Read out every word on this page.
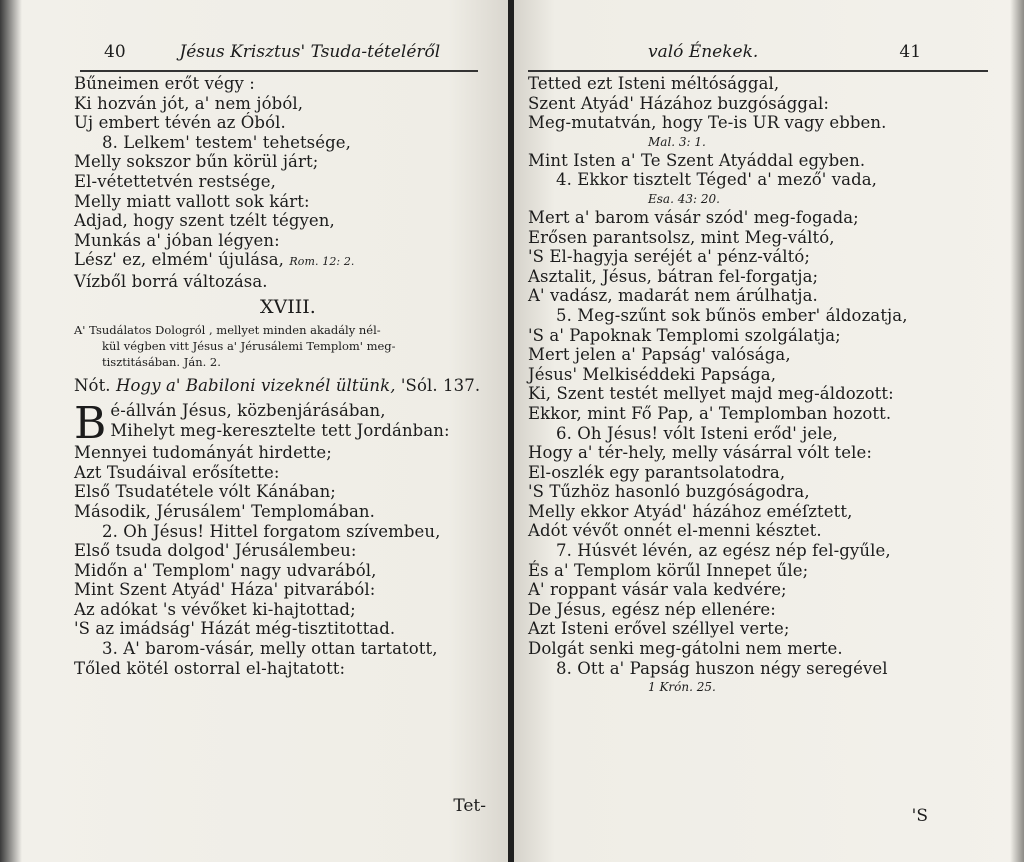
40	Jésus Krisztus' Tsuda-tételéről
Bűneimen erőt végy :
Ki hozván jót, a' nem jóból,
Uj embert tévén az Óból.
8. Lelkem' testem' tehetsége,
Melly sokszor bűn körül járt;
El-vétettetvén restsége,
Melly miatt vallott sok kárt:
Adjad, hogy szent tzélt tégyen,
Munkás a' jóban légyen:
Lész' ez, elmém' újulása, Rom. 12: 2.
Vízből borrá változása.
XVIII.
A' Tsudálatos Dologról , mellyet minden akadály nél-
kül végben vitt Jésus a' Jérusálemi Templom' meg-
tisztitásában. Ján. 2.
Nót. Hogy a' Babiloni vizeknél ültünk, 'Sól. 137.
B é-állván Jésus, közbenjárásában,
Mihelyt meg-keresztelte tett Jordánban:
Mennyei tudományát hirdette;
Azt Tsudáival erősítette:
Első Tsudatétele vólt Kánában;
Második, Jérusálem' Templomában.
2. Oh Jésus! Hittel forgatom szívembeu,
Első tsuda dolgod' Jérusálembeu:
Midőn a' Templom' nagy udvarából,
Mint Szent Atyád' Háza' pitvarából:
Az adókat 's vévőket ki-hajtottad;
'S az imádság' Házát még-tisztitottad.
3. A' barom-vásár, melly ottan tartatott,
Tőled kötél ostorral el-hajtatott:
Tet-
való Énekek.	41
Tetted ezt Isteni méltósággal,
Szent Atyád' Házához buzgósággal:
Meg-mutatván, hogy Te-is UR vagy ebben.
Mal. 3: 1.
Mint Isten a' Te Szent Atyáddal egyben.
4. Ekkor tisztelt Téged' a' mező' vada,
Esa. 43: 20.
Mert a' barom vásár szód' meg-fogada;
Erősen parantsolsz, mint Meg-váltó,
'S El-hagyja seréjét a' pénz-váltó;
Asztalit, Jésus, bátran fel-forgatja;
A' vadász, madarát nem árúlhatja.
5. Meg-szűnt sok bűnös ember' áldozatja,
'S a' Papoknak Templomi szolgálatja;
Mert jelen a' Papság' valósága,
Jésus' Melkiséddeki Papsága,
Ki, Szent testét mellyet majd meg-áldozott:
Ekkor, mint Fő Pap, a' Templomban hozott.
6. Oh Jésus! vólt Isteni erőd' jele,
Hogy a' tér-hely, melly vásárral vólt tele:
El-oszlék egy parantsolatodra,
'S Tűzhöz hasonló buzgóságodra,
Melly ekkor Atyád' házához eméſztett,
Adót vévőt onnét el-menni késztet.
7. Húsvét lévén, az egész nép fel-gyűle,
És a' Templom körűl Innepet űle;
A' roppant vásár vala kedvére;
De Jésus, egész nép ellenére:
Azt Isteni erővel széllyel verte;
Dolgát senki meg-gátolni nem merte.
8. Ott a' Papság huszon négy seregével
1 Krón. 25.
'S
